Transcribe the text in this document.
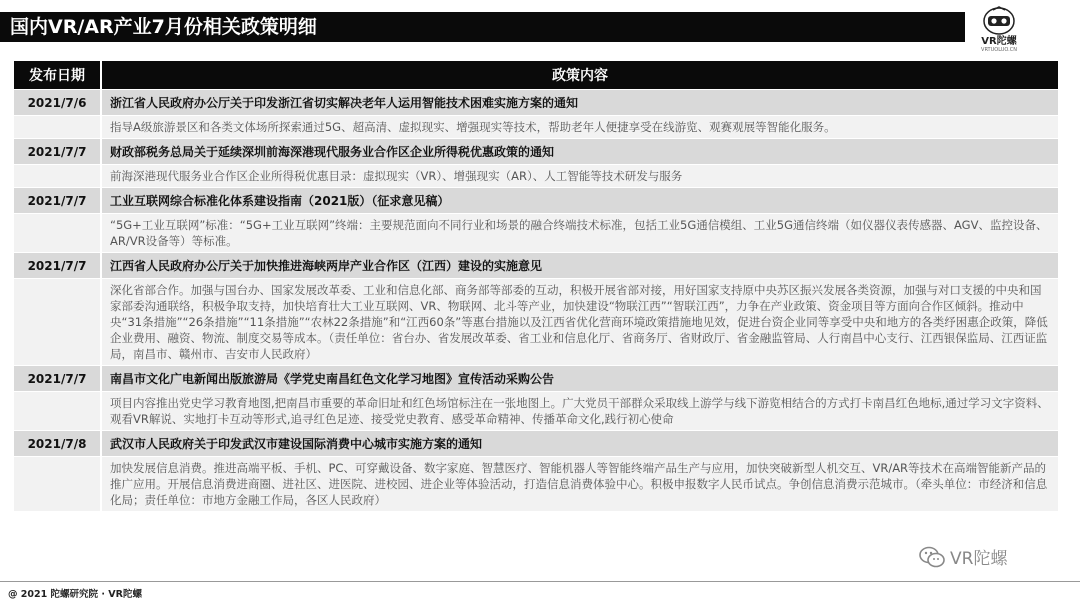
国内VR/AR产业7月份相关政策明细
VR陀螺
VRTUOLUO.CN
发布日期	政策内容
2021/7/6	浙江省人民政府办公厅关于印发浙江省切实解决老年人运用智能技术困难实施方案的通知
指导A级旅游景区和各类文体场所探索通过5G、超高清、虚拟现实、增强现实等技术，帮助老年人便捷享受在线游览、观赛观展等智能化服务。
2021/7/7	财政部税务总局关于延续深圳前海深港现代服务业合作区企业所得税优惠政策的通知
前海深港现代服务业合作区企业所得税优惠目录：虚拟现实（VR）、增强现实（AR）、人工智能等技术研发与服务
2021/7/7	工业互联网综合标准化体系建设指南（2021版）（征求意见稿）
“5G+工业互联网”标准：“5G+工业互联网”终端：主要规范面向不同行业和场景的融合终端技术标准，包括工业5G通信模组、工业5G通信终端（如仪器仪表传感器、AGV、监控设备、AR/VR设备等）等标准。
2021/7/7	江西省人民政府办公厅关于加快推进海峡两岸产业合作区（江西）建设的实施意见
深化省部合作。加强与国台办、国家发展改革委、工业和信息化部、商务部等部委的互动，积极开展省部对接，用好国家支持原中央苏区振兴发展各类资源，加强与对口支援的中央和国家部委沟通联络，积极争取支持，加快培育壮大工业互联网、VR、物联网、北斗等产业，加快建设“物联江西”“智联江西”，力争在产业政策、资金项目等方面向合作区倾斜。推动中央“31条措施”“26条措施”“11条措施”“农林22条措施”和“江西60条”等惠台措施以及江西省优化营商环境政策措施地见效，促进台资企业同等享受中央和地方的各类纾困惠企政策，降低企业费用、融资、物流、制度交易等成本。（责任单位：省台办、省发展改革委、省工业和信息化厅、省商务厅、省财政厅、省金融监管局、人行南昌中心支行、江西银保监局、江西证监局，南昌市、赣州市、吉安市人民政府）
2021/7/7	南昌市文化广电新闻出版旅游局《学党史南昌红色文化学习地图》宣传活动采购公告
项目内容推出党史学习教育地图,把南昌市重要的革命旧址和红色场馆标注在一张地图上。广大党员干部群众采取线上游学与线下游览相结合的方式打卡南昌红色地标,通过学习文字资料、观看VR解说、实地打卡互动等形式,追寻红色足迹、接受党史教育、感受革命精神、传播革命文化,践行初心使命
2021/7/8	武汉市人民政府关于印发武汉市建设国际消费中心城市实施方案的通知
加快发展信息消费。推进高端平板、手机、PC、可穿戴设备、数字家庭、智慧医疗、智能机器人等智能终端产品生产与应用，加快突破新型人机交互、VR/AR等技术在高端智能新产品的推广应用。开展信息消费进商圈、进社区、进医院、进校园、进企业等体验活动，打造信息消费体验中心。积极申报数字人民币试点。争创信息消费示范城市。（牵头单位：市经济和信息化局；责任单位：市地方金融工作局，各区人民政府）
VR陀螺
@ 2021 陀螺研究院 · VR陀螺
